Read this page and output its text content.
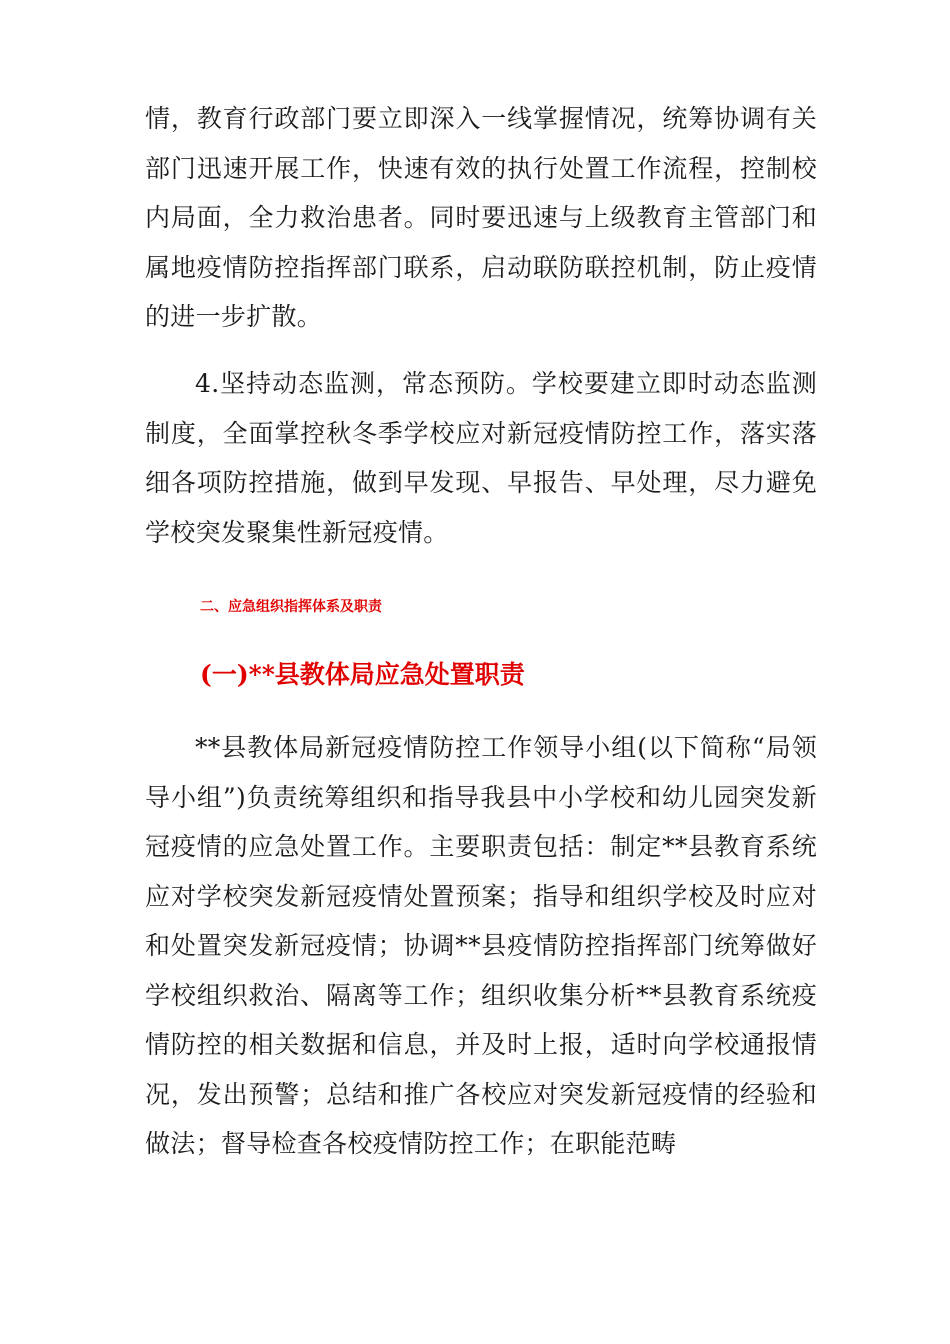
情，教育行政部门要立即深入一线掌握情况，统筹协调有关部门迅速开展工作，快速有效的执行处置工作流程，控制校内局面，全力救治患者。同时要迅速与上级教育主管部门和属地疫情防控指挥部门联系，启动联防联控机制，防止疫情的进一步扩散。

4.坚持动态监测，常态预防。学校要建立即时动态监测制度，全面掌控秋冬季学校应对新冠疫情防控工作，落实落细各项防控措施，做到早发现、早报告、早处理，尽力避免学校突发聚集性新冠疫情。

二、应急组织指挥体系及职责
(一)**县教体局应急处置职责

**县教体局新冠疫情防控工作领导小组(以下简称“局领导小组”)负责统筹组织和指导我县中小学校和幼儿园突发新冠疫情的应急处置工作。主要职责包括：制定**县教育系统应对学校突发新冠疫情处置预案；指导和组织学校及时应对和处置突发新冠疫情；协调**县疫情防控指挥部门统筹做好学校组织救治、隔离等工作；组织收集分析**县教育系统疫情防控的相关数据和信息，并及时上报，适时向学校通报情况，发出预警；总结和推广各校应对突发新冠疫情的经验和做法；督导检查各校疫情防控工作；在职能范畴
